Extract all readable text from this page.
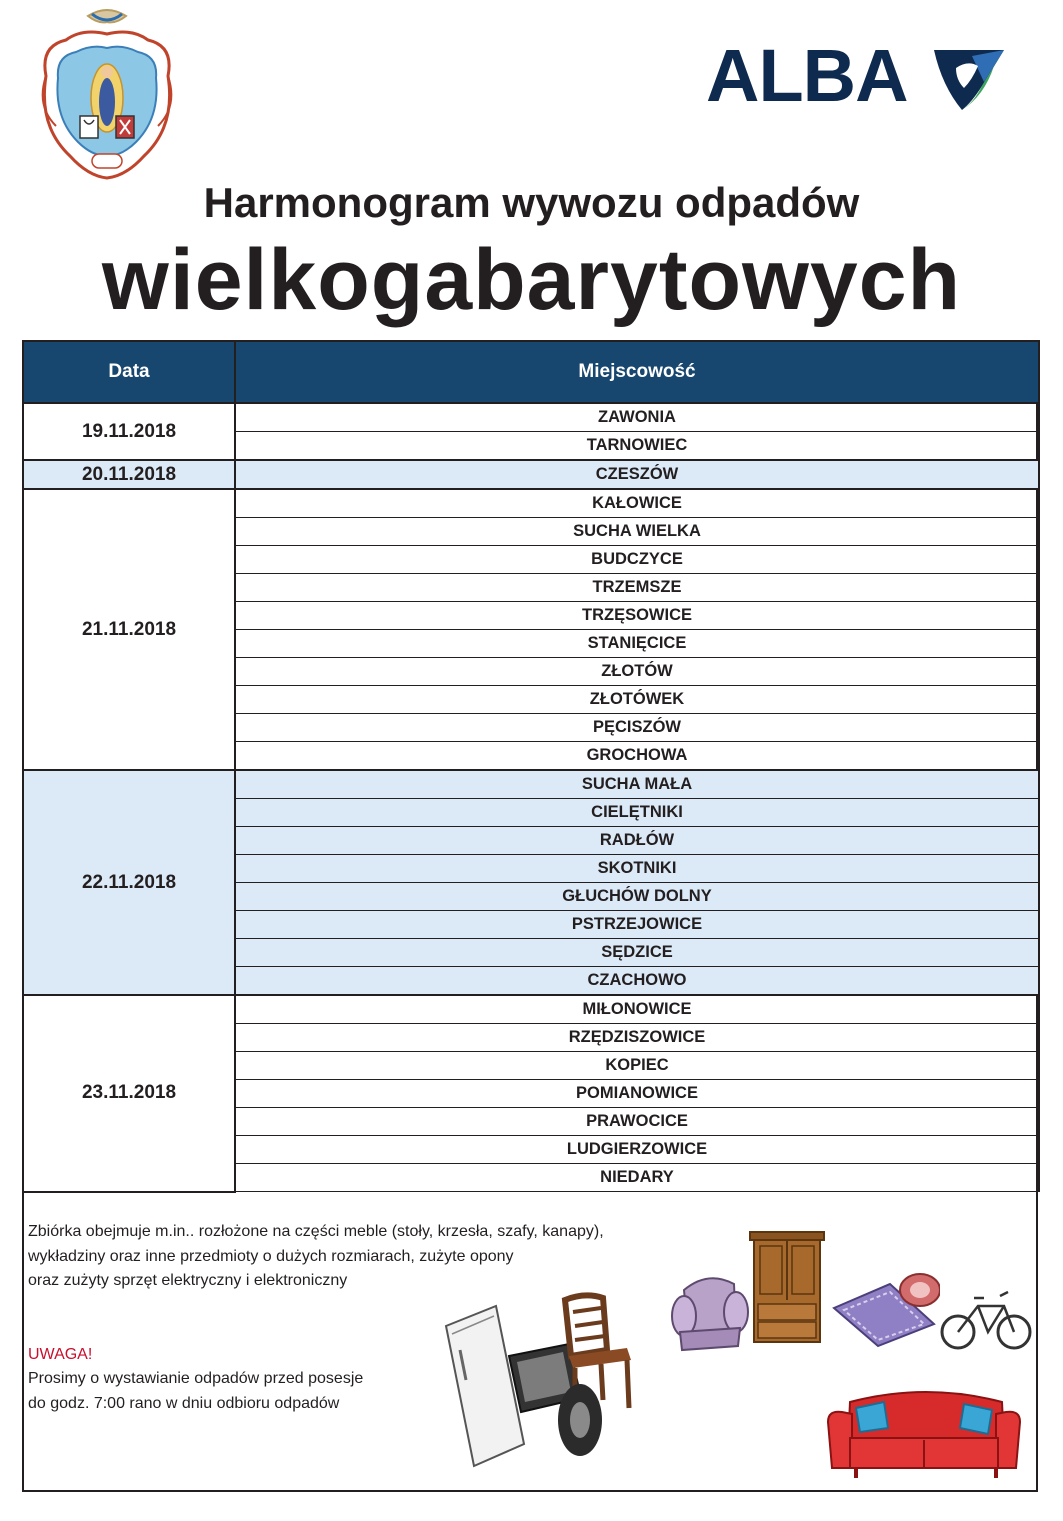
ALBA
Harmonogram wywozu odpadów
wielkogabarytowych
Data	Miejscowość
19.11.2018	ZAWONIA
	TARNOWIEC
20.11.2018	CZESZÓW
21.11.2018	KAŁOWICE
	SUCHA WIELKA
	BUDCZYCE
	TRZEMSZE
	TRZĘSOWICE
	STANIĘCICE
	ZŁOTÓW
	ZŁOTÓWEK
	PĘCISZÓW
	GROCHOWA
22.11.2018	SUCHA MAŁA
	CIELĘTNIKI
	RADŁÓW
	SKOTNIKI
	GŁUCHÓW DOLNY
	PSTRZEJOWICE
	SĘDZICE
	CZACHOWO
23.11.2018	MIŁONOWICE
	RZĘDZISZOWICE
	KOPIEC
	POMIANOWICE
	PRAWOCICE
	LUDGIERZOWICE
	NIEDARY
Zbiórka obejmuje m.in.. rozłożone na części meble (stoły, krzesła, szafy, kanapy),
wykładziny oraz inne przedmioty o dużych rozmiarach, zużyte opony
oraz zużyty sprzęt elektryczny i elektroniczny
UWAGA!
Prosimy o wystawianie odpadów przed posesje
do godz. 7:00 rano w dniu odbioru odpadów
